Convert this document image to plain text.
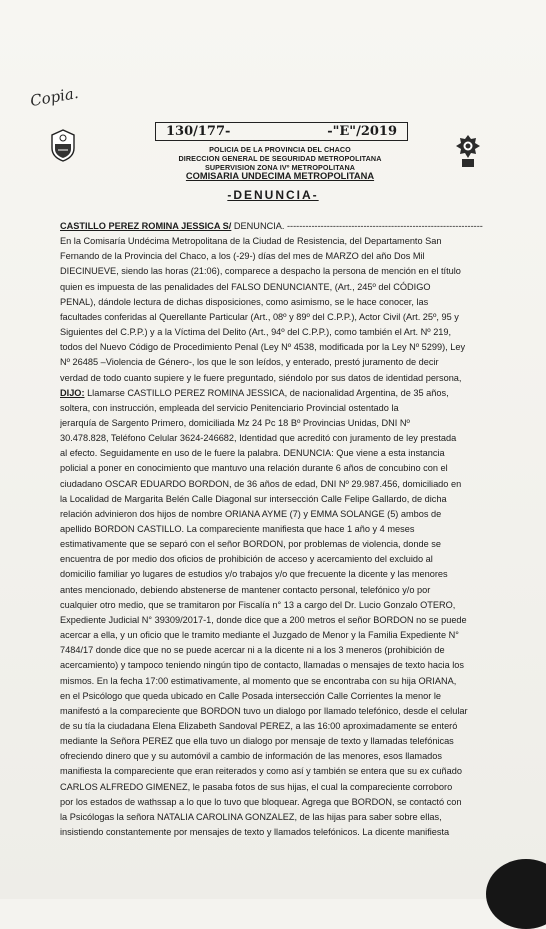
Copia.
130/177-	-"E"/2019
POLICIA DE LA PROVINCIA DEL CHACO
DIRECCION GENERAL DE SEGURIDAD METROPOLITANA
SUPERVISION ZONA IVº METROPOLITANA
COMISARIA UNDECIMA METROPOLITANA
-DENUNCIA-
CASTILLO PEREZ ROMINA JESSICA S/ DENUNCIA. ----------------------------------------------------------------
En la Comisaría Undécima Metropolitana de la Ciudad de Resistencia, del Departamento San
Fernando de la Provincia del Chaco, a los (-29-) días del mes de MARZO del año Dos Mil
DIECINUEVE, siendo las horas (21:06), comparece a despacho la persona de mención en el título
quien es impuesta de las penalidades del FALSO DENUNCIANTE, (Art., 245º del CÓDIGO
PENAL), dándole lectura de dichas disposiciones, como asimismo, se le hace conocer, las
facultades conferidas al Querellante Particular (Art., 08º y 89º del C.P.P.), Actor Civil (Art. 25º, 95 y
Siguientes del C.P.P.) y a la Víctima del Delito (Art., 94º del C.P.P.), como también el Art. Nº 219,
todos del Nuevo Código de Procedimiento Penal (Ley Nº 4538, modificada por la Ley Nº 5299), Ley
Nº 26485 –Violencia de Género-, los que le son leídos, y enterado, prestó juramento de decir
verdad de todo cuanto supiere y le fuere preguntado, siéndolo por sus datos de identidad persona,
DIJO: Llamarse CASTILLO PEREZ ROMINA JESSICA, de nacionalidad Argentina, de 35 años,
soltera, con instrucción, empleada del servicio Penitenciario Provincial ostentado la
jerarquía de Sargento Primero, domiciliada Mz 24 Pc 18 Bº Provincias Unidas, DNI Nº
30.478.828, Teléfono Celular 3624-246682, Identidad que acreditó con juramento de ley prestada
al efecto. Seguidamente en uso de le fuere la palabra. DENUNCIA: Que viene a esta instancia
policial a poner en conocimiento que mantuvo una relación durante 6 años de concubino con el
ciudadano OSCAR EDUARDO BORDON, de 36 años de edad, DNI Nº 29.987.456, domiciliado en
la Localidad de Margarita Belén Calle Diagonal sur intersección Calle Felipe Gallardo, de dicha
relación advinieron dos hijos de nombre ORIANA AYME (7) y EMMA SOLANGE (5) ambos de
apellido BORDON CASTILLO. La compareciente manifiesta que hace 1 año y 4 meses
estimativamente que se separó con el señor BORDON, por problemas de violencia, donde se
encuentra de por medio dos oficios de prohibición de acceso y acercamiento del excluido al
domicilio familiar yo lugares de estudios y/o trabajos y/o que frecuente la dicente y las menores
antes mencionado, debiendo abstenerse de mantener contacto personal, telefónico y/o por
cualquier otro medio, que se tramitaron por Fiscalía n° 13 a cargo del Dr. Lucio Gonzalo OTERO,
Expediente Judicial N° 39309/2017-1, donde dice que a 200 metros el señor BORDON no se puede
acercar a ella, y un oficio que le tramito mediante el Juzgado de Menor y la Familia Expediente N°
7484/17 donde dice que no se puede acercar ni a la dicente ni a los 3 meneros (prohibición de
acercamiento) y tampoco teniendo ningún tipo de contacto, llamadas o mensajes de texto hacia los
mismos. En la fecha 17:00 estimativamente, al momento que se encontraba con su hija ORIANA,
en el Psicólogo que queda ubicado en Calle Posada intersección Calle Corrientes la menor le
manifestó a la compareciente que BORDON tuvo un dialogo por llamado telefónico, desde el celular
de su tía la ciudadana Elena Elizabeth Sandoval PEREZ, a las 16:00 aproximadamente se enteró
mediante la Señora PEREZ que ella tuvo un dialogo por mensaje de texto y llamadas telefónicas
ofreciendo dinero que y su automóvil a cambio de información de las menores, esos llamados
manifiesta la compareciente que eran reiterados y como así y también se entera que su ex cuñado
CARLOS ALFREDO GIMENEZ, le pasaba fotos de sus hijas, el cual la compareciente corroboro
por los estados de wathssap a lo que lo tuvo que bloquear. Agrega que BORDON, se contactó con
la Psicólogas la señora NATALIA CAROLINA GONZALEZ, de las hijas para saber sobre ellas,
insistiendo constantemente por mensajes de texto y llamados telefónicos. La dicente manifiesta
